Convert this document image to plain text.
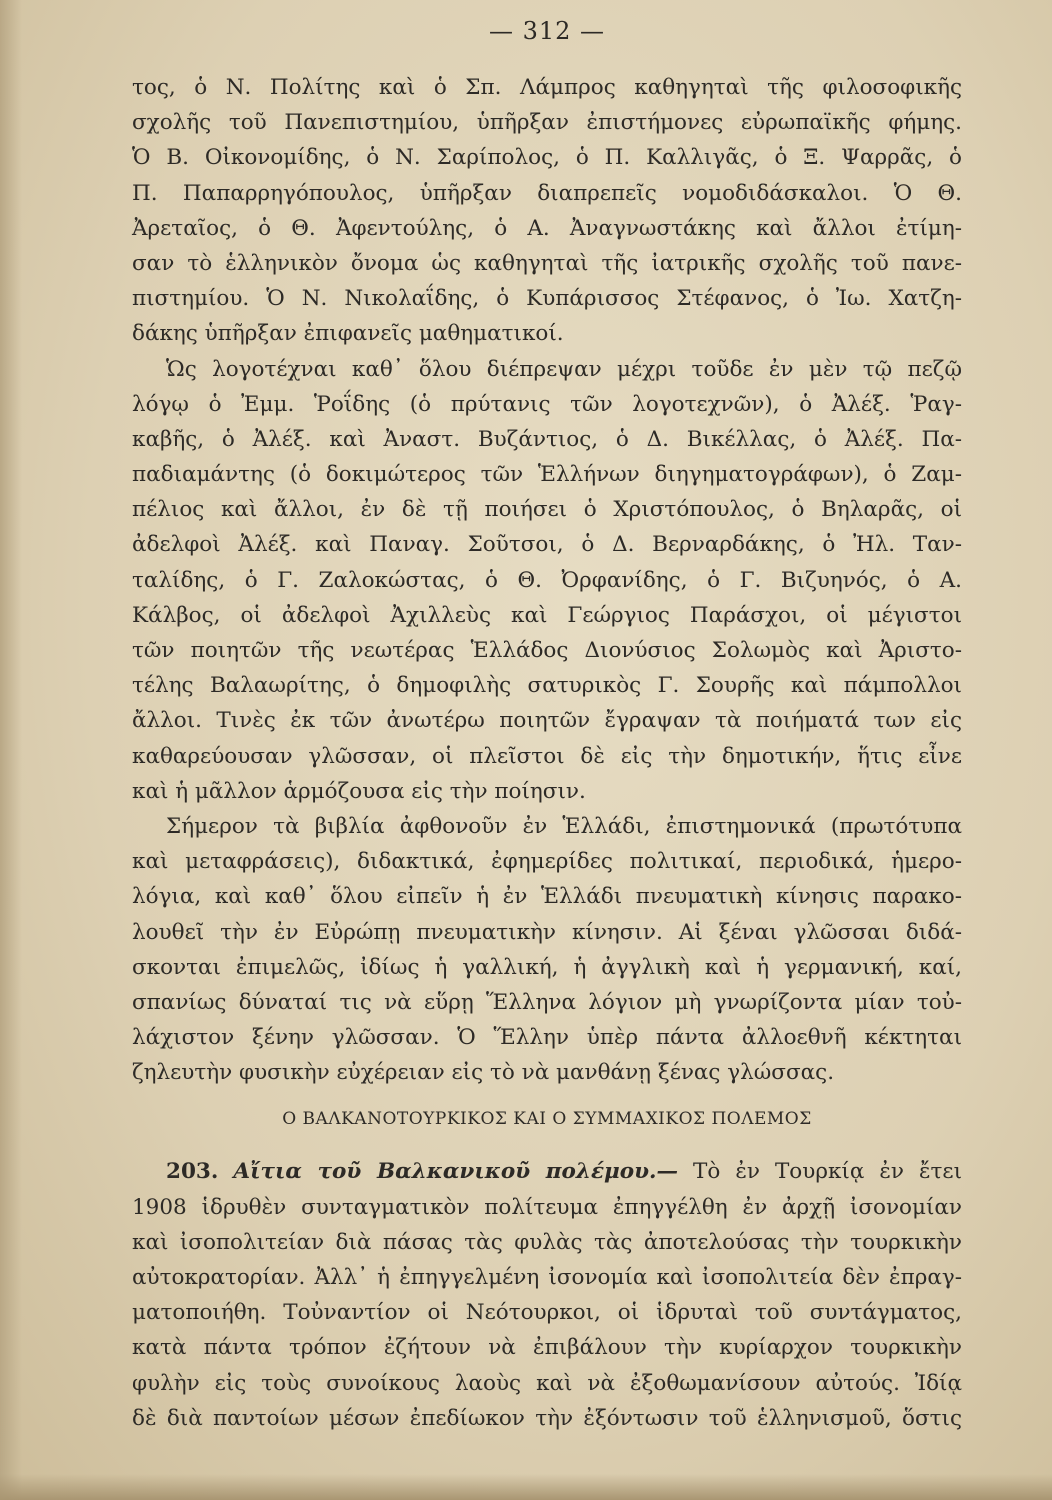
— 312 —
τος, ὁ Ν. Πολίτης καὶ ὁ Σπ. Λάμπρος καθηγηταὶ τῆς φιλοσοφικῆς
σχολῆς τοῦ Πανεπιστημίου, ὑπῆρξαν ἐπιστήμονες εὐρωπαϊκῆς φήμης.
Ὁ Β. Οἰκονομίδης, ὁ Ν. Σαρίπολος, ὁ Π. Καλλιγᾶς, ὁ Ξ. Ψαρρᾶς, ὁ
Π. Παπαρρηγόπουλος, ὑπῆρξαν διαπρεπεῖς νομοδιδάσκαλοι. Ὁ Θ.
Ἀρεταῖος, ὁ Θ. Ἀφεντούλης, ὁ Α. Ἀναγνωστάκης καὶ ἄλλοι ἐτίμη-
σαν τὸ ἑλληνικὸν ὄνομα ὡς καθηγηταὶ τῆς ἰατρικῆς σχολῆς τοῦ πανε-
πιστημίου. Ὁ Ν. Νικολαΐδης, ὁ Κυπάρισσος Στέφανος, ὁ Ἰω. Χατζη-
δάκης ὑπῆρξαν ἐπιφανεῖς μαθηματικοί.
Ὡς λογοτέχναι καθ᾿ ὅλου διέπρεψαν μέχρι τοῦδε ἐν μὲν τῷ πεζῷ
λόγῳ ὁ Ἐμμ. Ῥοΐδης (ὁ πρύτανις τῶν λογοτεχνῶν), ὁ Ἀλέξ. Ῥαγ-
καβῆς, ὁ Ἀλέξ. καὶ Ἀναστ. Βυζάντιος, ὁ Δ. Βικέλλας, ὁ Ἀλέξ. Πα-
παδιαμάντης (ὁ δοκιμώτερος τῶν Ἑλλήνων διηγηματογράφων), ὁ Ζαμ-
πέλιος καὶ ἄλλοι, ἐν δὲ τῇ ποιήσει ὁ Χριστόπουλος, ὁ Βηλαρᾶς, οἱ
ἀδελφοὶ Ἀλέξ. καὶ Παναγ. Σοῦτσοι, ὁ Δ. Βερναρδάκης, ὁ Ἠλ. Ταν-
ταλίδης, ὁ Γ. Ζαλοκώστας, ὁ Θ. Ὀρφανίδης, ὁ Γ. Βιζυηνός, ὁ Α.
Κάλβος, οἱ ἀδελφοὶ Ἀχιλλεὺς καὶ Γεώργιος Παράσχοι, οἱ μέγιστοι
τῶν ποιητῶν τῆς νεωτέρας Ἑλλάδος Διονύσιος Σολωμὸς καὶ Ἀριστο-
τέλης Βαλαωρίτης, ὁ δημοφιλὴς σατυρικὸς Γ. Σουρῆς καὶ πάμπολλοι
ἄλλοι. Τινὲς ἐκ τῶν ἀνωτέρω ποιητῶν ἔγραψαν τὰ ποιήματά των εἰς
καθαρεύουσαν γλῶσσαν, οἱ πλεῖστοι δὲ εἰς τὴν δημοτικήν, ἥτις εἶνε
καὶ ἡ μᾶλλον ἁρμόζουσα εἰς τὴν ποίησιν.
Σήμερον τὰ βιβλία ἀφθονοῦν ἐν Ἑλλάδι, ἐπιστημονικά (πρωτότυπα
καὶ μεταφράσεις), διδακτικά, ἐφημερίδες πολιτικαί, περιοδικά, ἡμερο-
λόγια, καὶ καθ᾿ ὅλου εἰπεῖν ἡ ἐν Ἑλλάδι πνευματικὴ κίνησις παρακο-
λουθεῖ τὴν ἐν Εὐρώπῃ πνευματικὴν κίνησιν. Αἱ ξέναι γλῶσσαι διδά-
σκονται ἐπιμελῶς, ἰδίως ἡ γαλλική, ἡ ἀγγλικὴ καὶ ἡ γερμανική, καί,
σπανίως δύναταί τις νὰ εὕρῃ Ἕλληνα λόγιον μὴ γνωρίζοντα μίαν τοὐ-
λάχιστον ξένην γλῶσσαν. Ὁ Ἕλλην ὑπὲρ πάντα ἀλλοεθνῆ κέκτηται
ζηλευτὴν φυσικὴν εὐχέρειαν εἰς τὸ νὰ μανθάνῃ ξένας γλώσσας.
Ο ΒΑΛΚΑΝΟΤΟΥΡΚΙΚΟΣ ΚΑΙ Ο ΣΥΜΜΑΧΙΚΟΣ ΠΟΛΕΜΟΣ
203. Αἴτια τοῦ Βαλκανικοῦ πολέμου.— Τὸ ἐν Τουρκίᾳ ἐν ἔτει
1908 ἱδρυθὲν συνταγματικὸν πολίτευμα ἐπηγγέλθη ἐν ἀρχῇ ἰσονομίαν
καὶ ἰσοπολιτείαν διὰ πάσας τὰς φυλὰς τὰς ἀποτελούσας τὴν τουρκικὴν
αὐτοκρατορίαν. Ἀλλ᾿ ἡ ἐπηγγελμένη ἰσονομία καὶ ἰσοπολιτεία δὲν ἐπραγ-
ματοποιήθη. Τοὐναντίον οἱ Νεότουρκοι, οἱ ἱδρυταὶ τοῦ συντάγματος,
κατὰ πάντα τρόπον ἐζήτουν νὰ ἐπιβάλουν τὴν κυρίαρχον τουρκικὴν
φυλὴν εἰς τοὺς συνοίκους λαοὺς καὶ νὰ ἐξοθωμανίσουν αὐτούς. Ἰδίᾳ
δὲ διὰ παντοίων μέσων ἐπεδίωκον τὴν ἐξόντωσιν τοῦ ἑλληνισμοῦ, ὅστις
